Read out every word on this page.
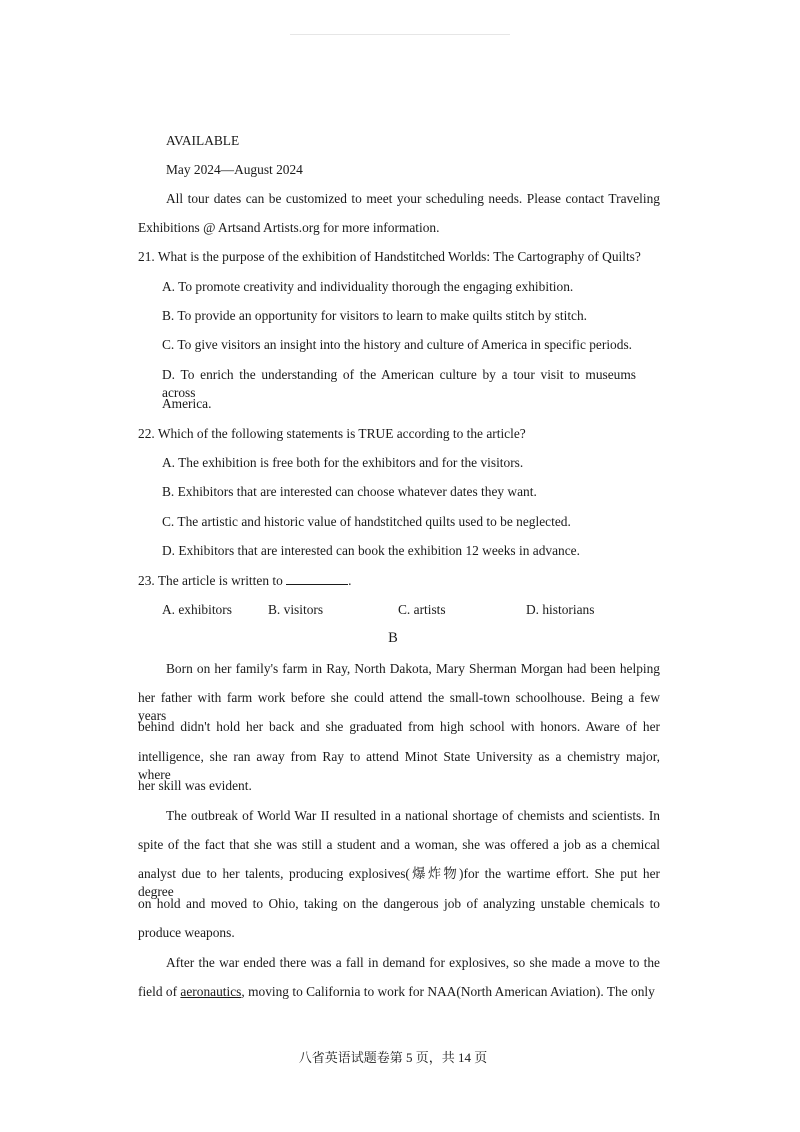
AVAILABLE
May 2024—August 2024
All tour dates can be customized to meet your scheduling needs. Please contact Traveling
Exhibitions @ Artsand Artists.org for more information.
21. What is the purpose of the exhibition of Handstitched Worlds: The Cartography of Quilts?
A. To promote creativity and individuality thorough the engaging exhibition.
B. To provide an opportunity for visitors to learn to make quilts stitch by stitch.
C. To give visitors an insight into the history and culture of America in specific periods.
D. To enrich the understanding of the American culture by a tour visit to museums across
America.
22. Which of the following statements is TRUE according to the article?
A. The exhibition is free both for the exhibitors and for the visitors.
B. Exhibitors that are interested can choose whatever dates they want.
C. The artistic and historic value of handstitched quilts used to be neglected.
D. Exhibitors that are interested can book the exhibition 12 weeks in advance.
23. The article is written to	.
A. exhibitors	B. visitors	C. artists	D. historians
B
Born on her family's farm in Ray, North Dakota, Mary Sherman Morgan had been helping
her father with farm work before she could attend the small-town schoolhouse. Being a few years
behind didn't hold her back and she graduated from high school with honors. Aware of her
intelligence, she ran away from Ray to attend Minot State University as a chemistry major, where
her skill was evident.
The outbreak of World War II resulted in a national shortage of chemists and scientists. In
spite of the fact that she was still a student and a woman, she was offered a job as a chemical
analyst due to her talents, producing explosives(爆炸物)for the wartime effort. She put her degree
on hold and moved to Ohio, taking on the dangerous job of analyzing unstable chemicals to
produce weapons.
After the war ended there was a fall in demand for explosives, so she made a move to the
field of aeronautics, moving to California to work for NAA(North American Aviation). The only
八省英语试题卷第 5 页，共 14 页
